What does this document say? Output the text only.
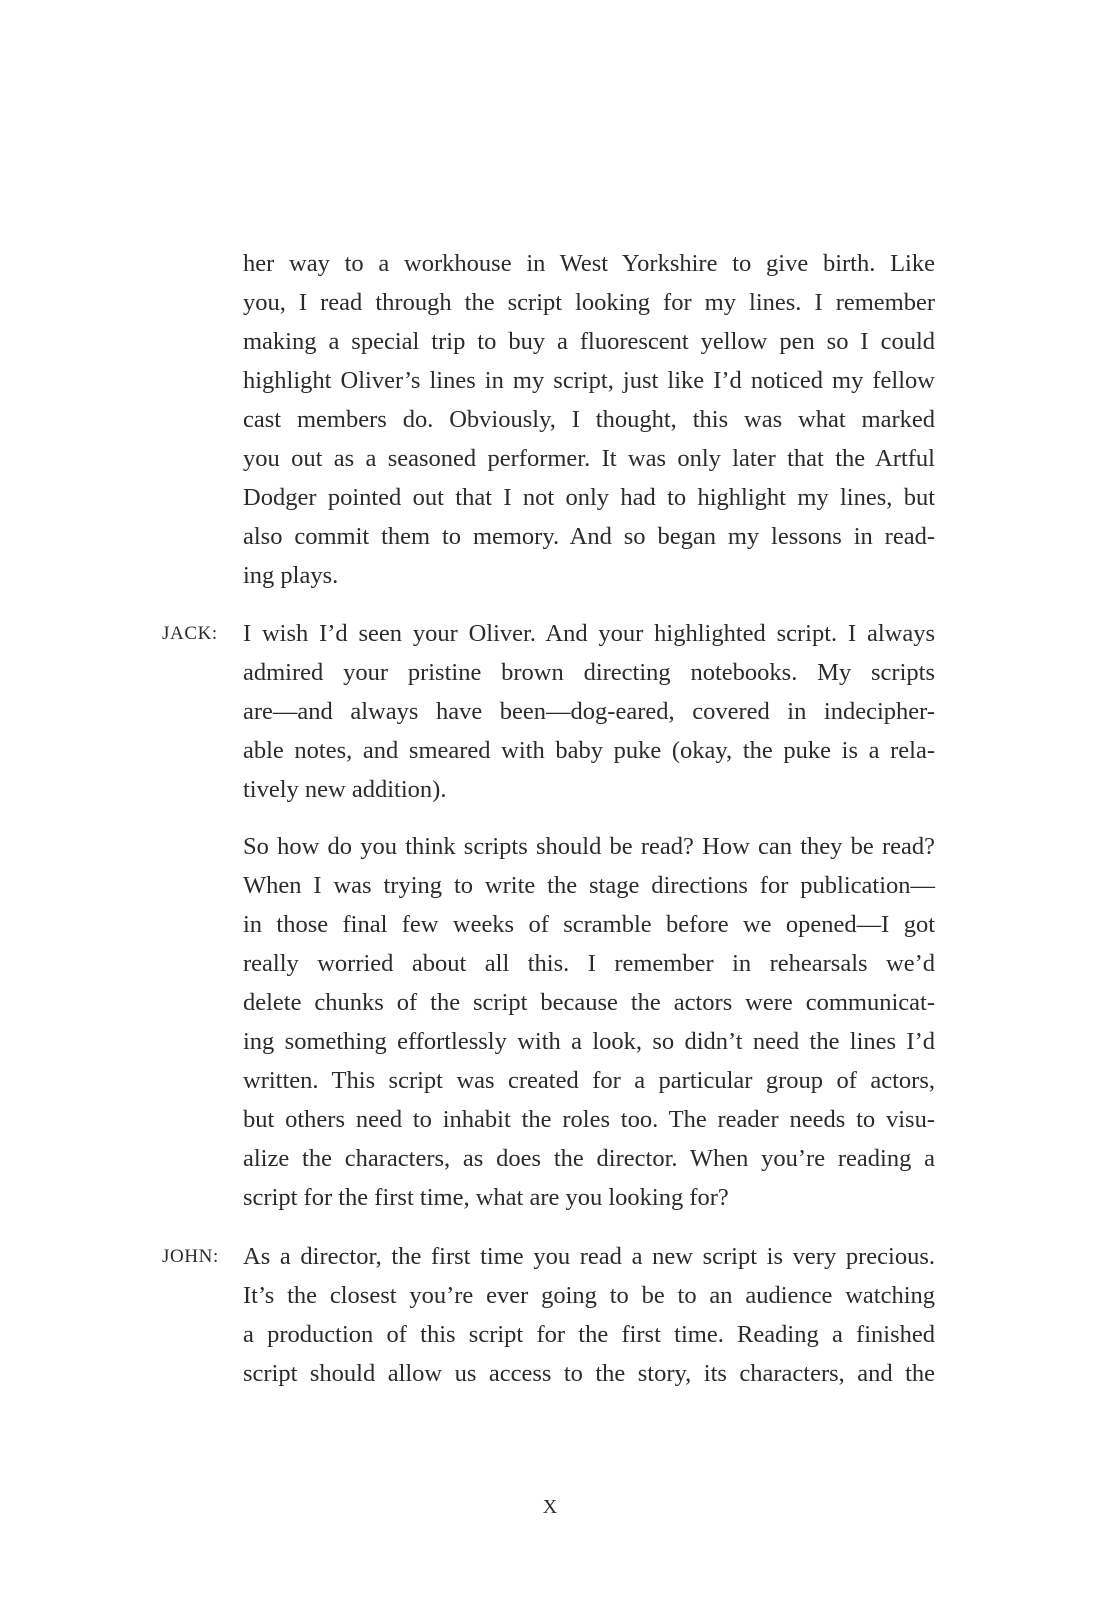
her way to a workhouse in West Yorkshire to give birth. Like
you, I read through the script looking for my lines. I remember
making a special trip to buy a fluorescent yellow pen so I could
highlight Oliver’s lines in my script, just like I’d noticed my fellow
cast members do. Obviously, I thought, this was what marked
you out as a seasoned performer. It was only later that the Artful
Dodger pointed out that I not only had to highlight my lines, but
also commit them to memory. And so began my lessons in read-
ing plays.
JACK: I wish I’d seen your Oliver. And your highlighted script. I always
admired your pristine brown directing notebooks. My scripts
are—and always have been—dog-eared, covered in indecipher-
able notes, and smeared with baby puke (okay, the puke is a rela-
tively new addition).
So how do you think scripts should be read? How can they be read?
When I was trying to write the stage directions for publication—
in those final few weeks of scramble before we opened—I got
really worried about all this. I remember in rehearsals we’d
delete chunks of the script because the actors were communicat-
ing something effortlessly with a look, so didn’t need the lines I’d
written. This script was created for a particular group of actors,
but others need to inhabit the roles too. The reader needs to visu-
alize the characters, as does the director. When you’re reading a
script for the first time, what are you looking for?
JOHN: As a director, the first time you read a new script is very precious.
It’s the closest you’re ever going to be to an audience watching
a production of this script for the first time. Reading a finished
script should allow us access to the story, its characters, and the
X
